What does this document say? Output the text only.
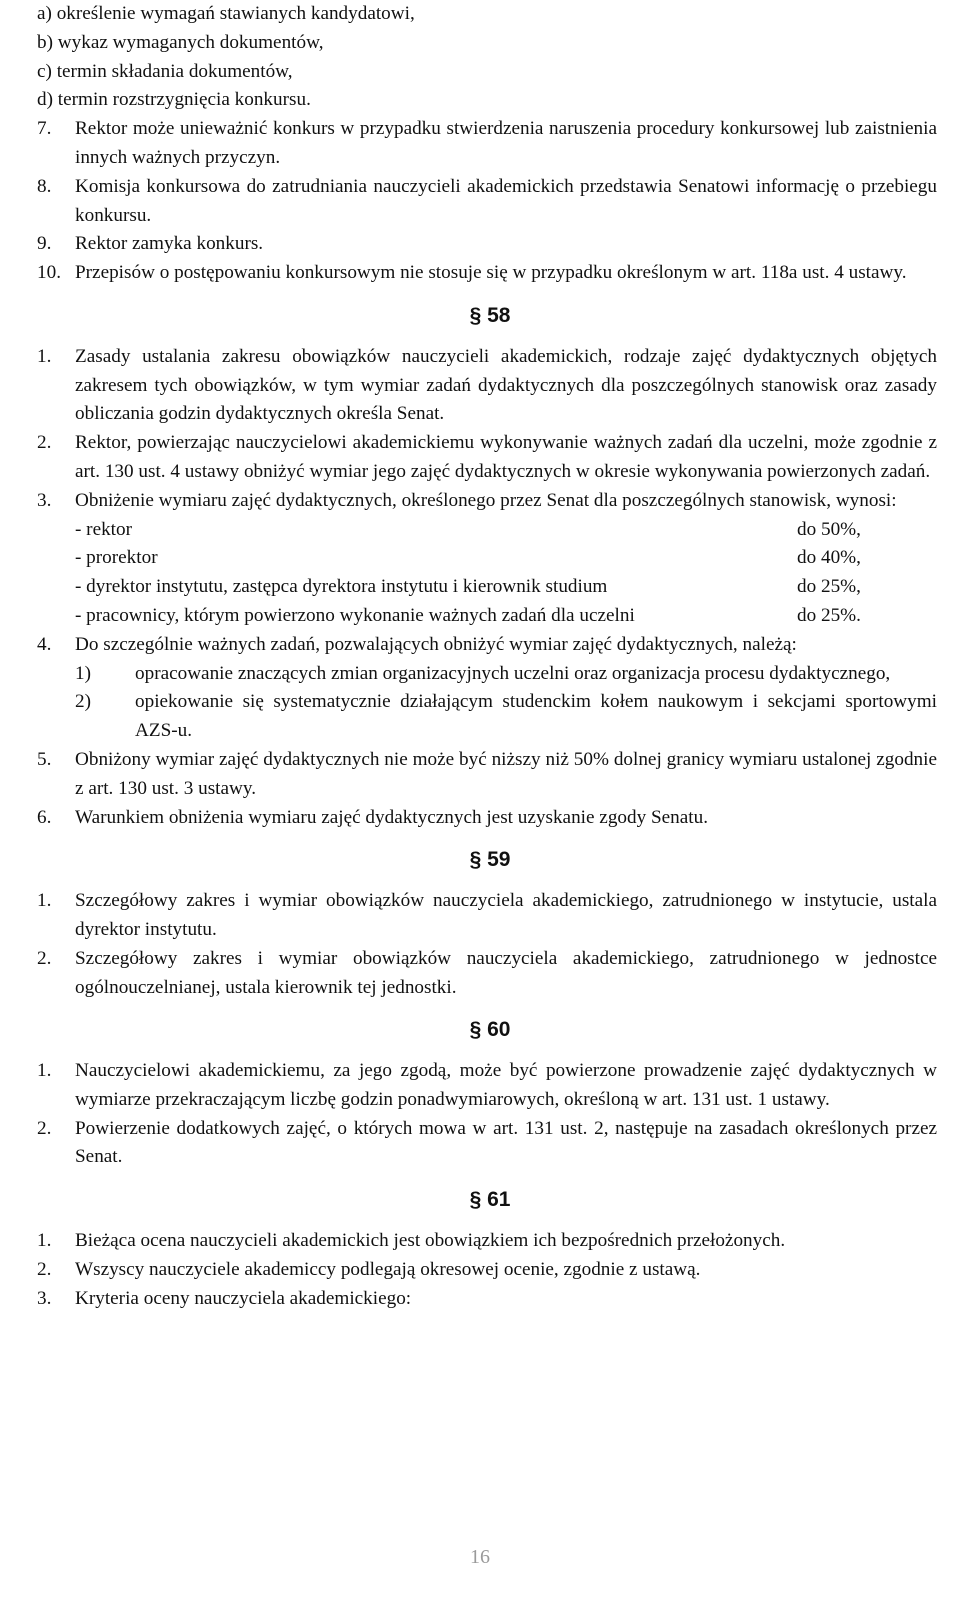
a) określenie wymagań stawianych kandydatowi,
b) wykaz wymaganych dokumentów,
c) termin składania dokumentów,
d) termin rozstrzygnięcia konkursu.
7. Rektor może unieważnić konkurs w przypadku stwierdzenia naruszenia procedury konkursowej lub zaistnienia innych ważnych przyczyn.
8. Komisja konkursowa do zatrudniania nauczycieli akademickich przedstawia Senatowi informację o przebiegu konkursu.
9. Rektor zamyka konkurs.
10. Przepisów o postępowaniu konkursowym nie stosuje się w przypadku określonym w art. 118a ust. 4 ustawy.
§ 58
1. Zasady ustalania zakresu obowiązków nauczycieli akademickich, rodzaje zajęć dydaktycznych objętych zakresem tych obowiązków, w tym wymiar zadań dydaktycznych dla poszczególnych stanowisk oraz zasady obliczania godzin dydaktycznych określa Senat.
2. Rektor, powierzając nauczycielowi akademickiemu wykonywanie ważnych zadań dla uczelni, może zgodnie z art. 130 ust. 4 ustawy obniżyć wymiar jego zajęć dydaktycznych w okresie wykonywania powierzonych zadań.
3. Obniżenie wymiaru zajęć dydaktycznych, określonego przez Senat dla poszczególnych stanowisk, wynosi:
- rektor	do 50%,
- prorektor	do 40%,
- dyrektor instytutu, zastępca dyrektora instytutu i kierownik studium	do 25%,
- pracownicy, którym powierzono wykonanie ważnych zadań dla uczelni	do 25%.
4. Do szczególnie ważnych zadań, pozwalających obniżyć wymiar zajęć dydaktycznych, należą:
1) opracowanie znaczących zmian organizacyjnych uczelni oraz organizacja procesu dydaktycznego,
2) opiekowanie się systematycznie działającym studenckim kołem naukowym i sekcjami sportowymi AZS-u.
5. Obniżony wymiar zajęć dydaktycznych nie może być niższy niż 50% dolnej granicy wymiaru ustalonej zgodnie z art. 130 ust. 3 ustawy.
6. Warunkiem obniżenia wymiaru zajęć dydaktycznych jest uzyskanie zgody Senatu.
§ 59
1. Szczegółowy zakres i wymiar obowiązków nauczyciela akademickiego, zatrudnionego w instytucie, ustala dyrektor instytutu.
2. Szczegółowy zakres i wymiar obowiązków nauczyciela akademickiego, zatrudnionego w jednostce ogólnouczelnianej, ustala kierownik tej jednostki.
§ 60
1. Nauczycielowi akademickiemu, za jego zgodą, może być powierzone prowadzenie zajęć dydaktycznych w wymiarze przekraczającym liczbę godzin ponadwymiarowych, określoną w art. 131 ust. 1 ustawy.
2. Powierzenie dodatkowych zajęć, o których mowa w art. 131 ust. 2, następuje na zasadach określonych przez Senat.
§ 61
1. Bieżąca ocena nauczycieli akademickich jest obowiązkiem ich bezpośrednich przełożonych.
2. Wszyscy nauczyciele akademiccy podlegają okresowej ocenie, zgodnie z ustawą.
3. Kryteria oceny nauczyciela akademickiego:
16
